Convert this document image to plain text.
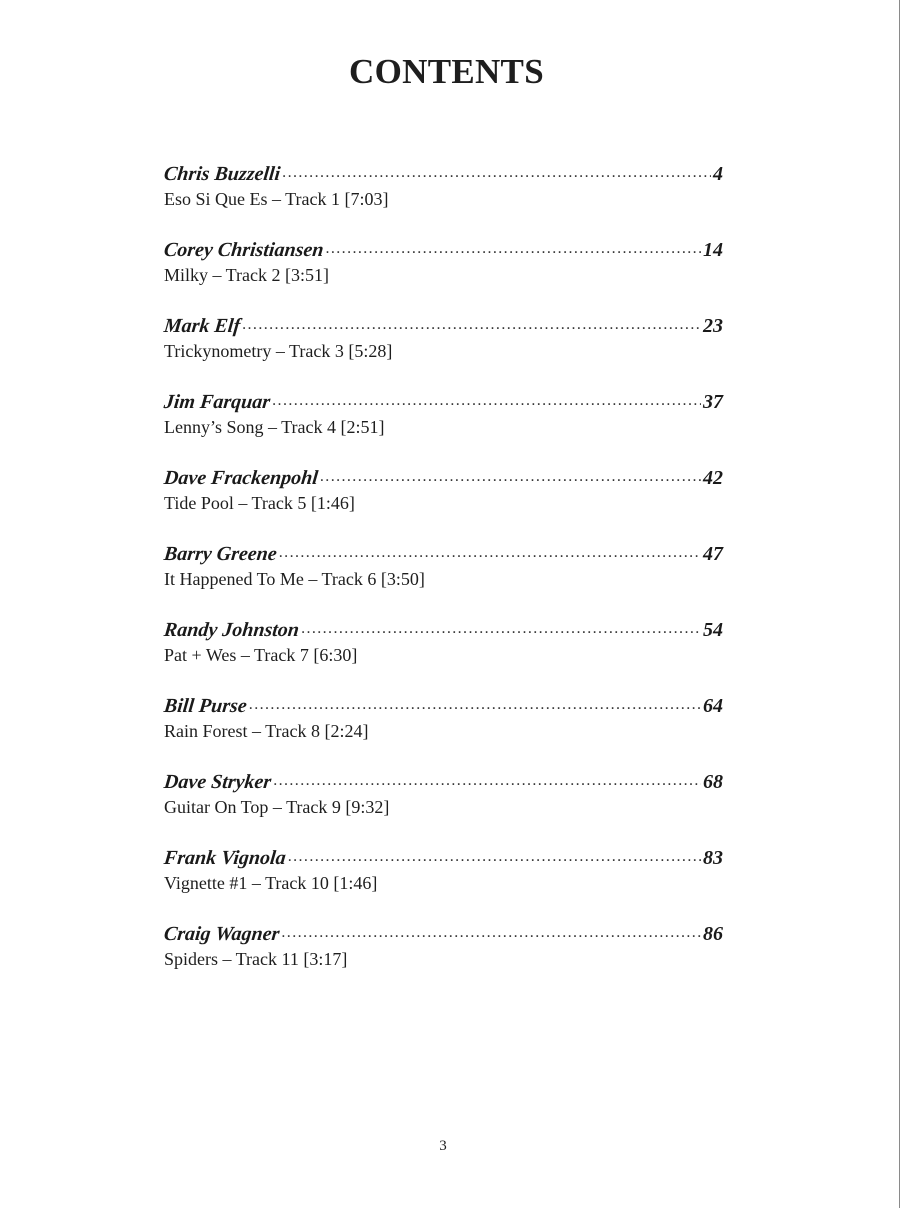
CONTENTS
Chris Buzzelli .....	4
Eso Si Que Es – Track 1 [7:03]
Corey Christiansen .....	14
Milky – Track 2 [3:51]
Mark Elf .....	23
Trickynometry – Track 3 [5:28]
Jim Farquar .....	37
Lenny’s Song – Track 4 [2:51]
Dave Frackenpohl .....	42
Tide Pool – Track 5 [1:46]
Barry Greene .....	47
It Happened To Me – Track 6 [3:50]
Randy Johnston .....	54
Pat + Wes – Track 7 [6:30]
Bill Purse .....	64
Rain Forest – Track 8 [2:24]
Dave Stryker .....	68
Guitar On Top – Track 9 [9:32]
Frank Vignola .....	83
Vignette #1 – Track 10 [1:46]
Craig Wagner .....	86
Spiders – Track 11 [3:17]
3
